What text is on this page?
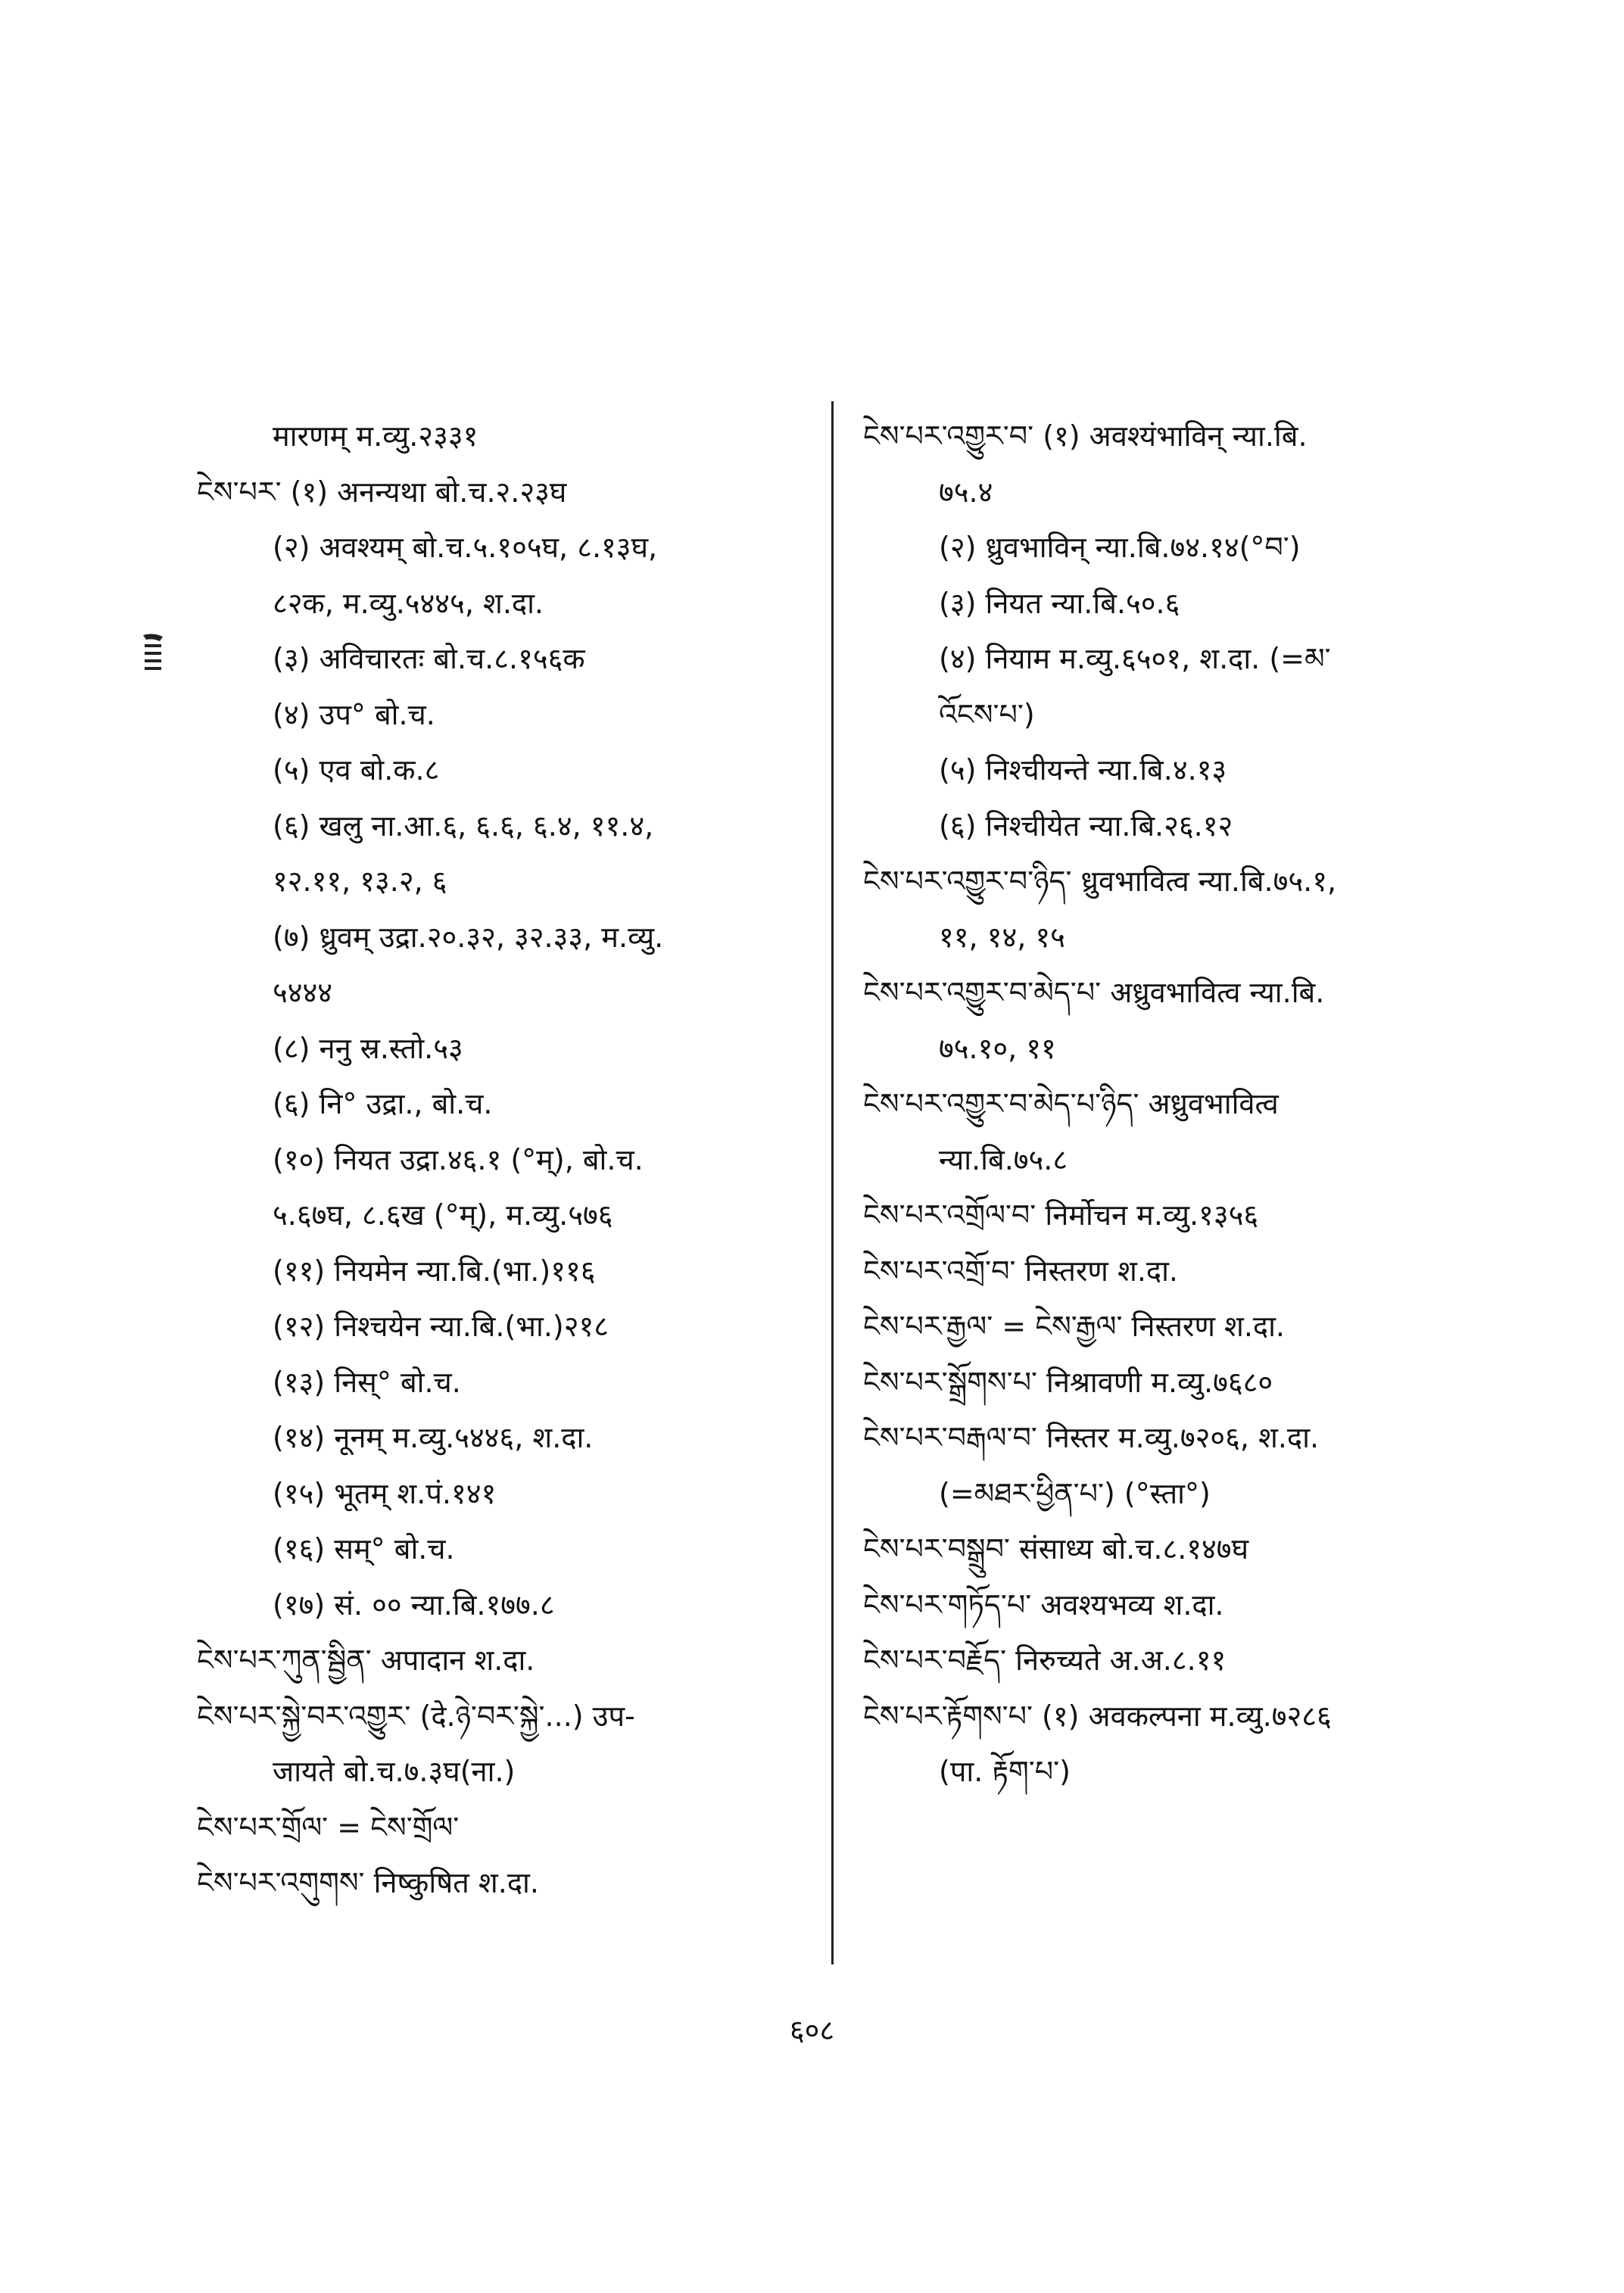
मारणम् म.व्यु.२३३१
ངེས་པར་ (१) अनन्यथा बो.च.२.२३घ
(२) अवश्यम् बो.च.५.१०५घ, ८.१३घ,
८२क, म.व्यु.५४४५, श.दा.
(३) अविचारतः बो.च.८.१५६क
(४) उप° बो.च.
(५) एव बो.क.८
(६) खलु ना.आ.६, ६.६, ६.४, ११.४,
१२.११, १३.२, ६
(७) ध्रुवम् उद्रा.२०.३२, ३२.३३, म.व्यु.
५४४४
(८) ननु स्र.स्तो.५३
(६) नि° उद्रा., बो.च.
(१०) नियत उद्रा.४६.१ (°म्), बो.च.
५.६७घ, ८.६ख (°म्), म.व्यु.५७६
(११) नियमेन न्या.बि.(भा.)११६
(१२) निश्चयेन न्या.बि.(भा.)२१८
(१३) निस्° बो.च.
(१४) नूनम् म.व्यु.५४४६, श.दा.
(१५) भूतम् श.पं.१४१
(१६) सम्° बो.च.
(१७) सं. ०० न्या.बि.१७७.८
ངེས་པར་ཀུན་སྦྱིན་ अपादान श.दा.
ངེས་པར་སྐྱེ་བར་འགྱུར་ (दे.ཉེ་བར་སྐྱེ་...) उप-
जायते बो.च.७.३घ(ना.)
ངེས་པར་གྲོལ་ = ངེས་གྲོལ་
ངེས་པར་འགུགས་ निष्कुषित श.दा.
ངེས་པར་འགྱུར་བ་ (१) अवश्यंभाविन् न्या.बि.
७५.४
(२) ध्रुवभाविन् न्या.बि.७४.१४(°བ་)
(३) नियत न्या.बि.५०.६
(४) नियाम म.व्यु.६५०१, श.दा. (=མ་
འོངས་པ་)
(५) निश्चीयन्ते न्या.बि.४.१३
(६) निश्चीयेत न्या.बि.२६.१२
ངེས་པར་འགྱུར་བ་ཉིད་ ध्रुवभावित्व न्या.बि.७५.१,
११, १४, १५
ངེས་པར་འགྱུར་བ་མེད་པ་ अध्रुवभावित्व न्या.बि.
७५.१०, ११
ངེས་པར་འགྱུར་བ་མེད་པ་ཉིད་ अध्रुवभावित्व
न्या.बि.७५.८
ངེས་པར་འགྲོལ་བ་ निर्मोचन म.व्यु.१३५६
ངེས་པར་འགྲོ་བ་ निस्तरण श.दा.
ངེས་པར་རྒྱལ་ = ངེས་རྒྱལ་ निस्तरण श.दा.
ངེས་པར་སྒྲོགས་པ་ निश्रावणी म.व्यु.७६८०
ངེས་པར་བརྒལ་བ་ निस्तर म.व्यु.७२०६, श.दा.
(=མཐར་ཕྱིན་པ་) (°स्ता°)
ངེས་པར་བསྒྲུབ་ संसाध्य बो.च.८.१४७घ
ངེས་པར་གཏོད་པ་ अवश्यभव्य श.दा.
ངེས་པར་བརྗོད་ निरुच्यते अ.अ.८.११
ངེས་པར་རྟོགས་པ་ (१) अवकल्पना म.व्यु.७२८६
(पा. རྟོག་པ་)
६०८
